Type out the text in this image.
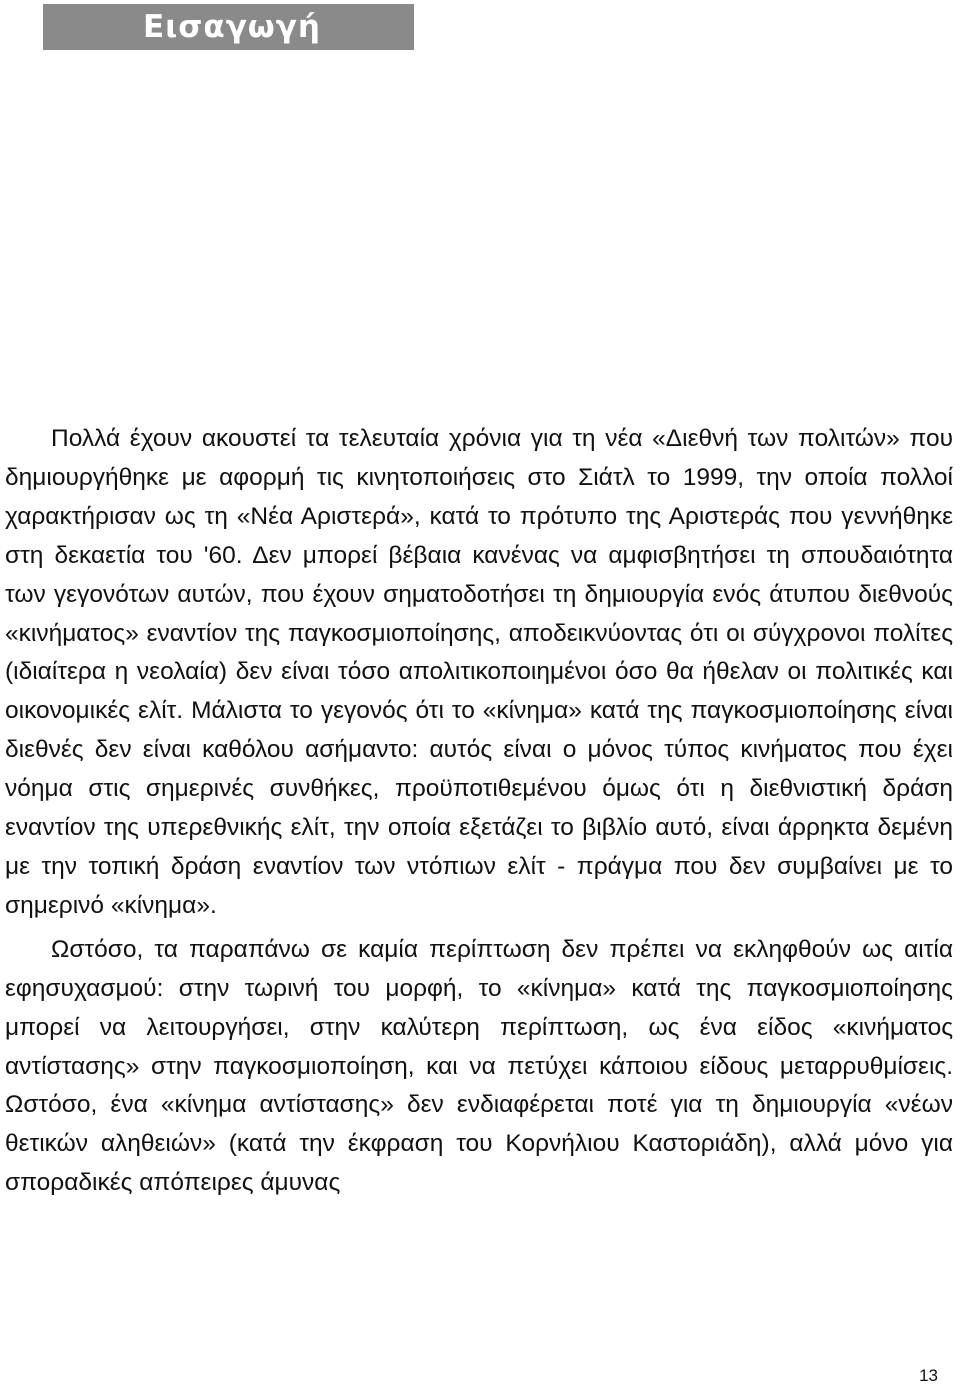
Εισαγωγή

Πολλά έχουν ακουστεί τα τελευταία χρόνια για τη νέα «Διεθνή των πολιτών» που δημιουργήθηκε με αφορμή τις κινητοποιήσεις στο Σιάτλ το 1999, την οποία πολλοί χαρακτήρισαν ως τη «Νέα Αριστερά», κατά το πρότυπο της Αριστεράς που γεννήθηκε στη δεκαετία του '60. Δεν μπορεί βέβαια κανένας να αμφισβητήσει τη σπουδαιότητα των γεγονότων αυτών, που έχουν σηματοδοτήσει τη δημιουργία ενός άτυπου διεθνούς «κινήματος» εναντίον της παγκοσμιοποίησης, αποδεικνύοντας ότι οι σύγχρονοι πολίτες (ιδιαίτερα η νεολαία) δεν είναι τόσο απολιτικοποιημένοι όσο θα ήθελαν οι πολιτικές και οικονομικές ελίτ. Μάλιστα το γεγονός ότι το «κίνημα» κατά της παγκοσμιοποίησης είναι διεθνές δεν είναι καθόλου ασήμαντο: αυτός είναι ο μόνος τύπος κινήματος που έχει νόημα στις σημερινές συνθήκες, προϋποτιθεμένου όμως ότι η διεθνιστική δράση εναντίον της υπερεθνικής ελίτ, την οποία εξετάζει το βιβλίο αυτό, είναι άρρηκτα δεμένη με την τοπική δράση εναντίον των ντόπιων ελίτ - πράγμα που δεν συμβαίνει με το σημερινό «κίνημα».

Ωστόσο, τα παραπάνω σε καμία περίπτωση δεν πρέπει να εκληφθούν ως αιτία εφησυχασμού: στην τωρινή του μορφή, το «κίνημα» κατά της παγκοσμιοποίησης μπορεί να λειτουργήσει, στην καλύτερη περίπτωση, ως ένα είδος «κινήματος αντίστασης» στην παγκοσμιοποίηση, και να πετύχει κάποιου είδους μεταρρυθμίσεις. Ωστόσο, ένα «κίνημα αντίστασης» δεν ενδιαφέρεται ποτέ για τη δημιουργία «νέων θετικών αληθειών» (κατά την έκφραση του Κορνήλιου Καστοριάδη), αλλά μόνο για σποραδικές απόπειρες άμυνας

13
